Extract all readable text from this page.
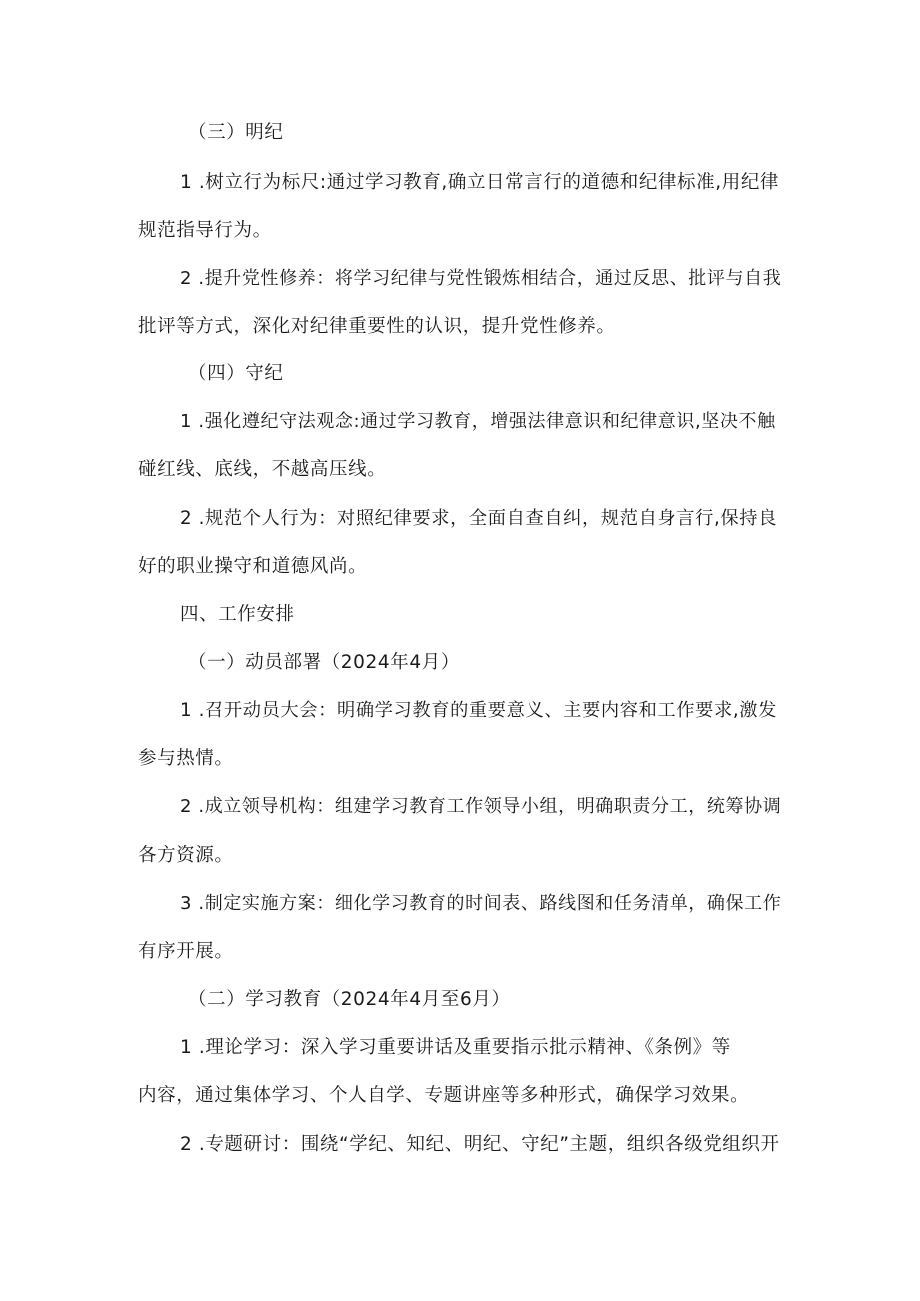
（三）明纪
1 .树立行为标尺:通过学习教育,确立日常言行的道德和纪律标准,用纪律
规范指导行为。
2 .提升党性修养：将学习纪律与党性锻炼相结合，通过反思、批评与自我
批评等方式，深化对纪律重要性的认识，提升党性修养。
（四）守纪
1 .强化遵纪守法观念:通过学习教育，增强法律意识和纪律意识,坚决不触
碰红线、底线，不越高压线。
2 .规范个人行为：对照纪律要求，全面自查自纠，规范自身言行,保持良
好的职业操守和道德风尚。
四、工作安排
（一）动员部署（2024年4月）
1 .召开动员大会：明确学习教育的重要意义、主要内容和工作要求,激发
参与热情。
2 .成立领导机构：组建学习教育工作领导小组，明确职责分工，统筹协调
各方资源。
3 .制定实施方案：细化学习教育的时间表、路线图和任务清单，确保工作
有序开展。
（二）学习教育（2024年4月至6月）
1 .理论学习：深入学习重要讲话及重要指示批示精神、《条例》等
内容，通过集体学习、个人自学、专题讲座等多种形式，确保学习效果。
2 .专题研讨：围绕“学纪、知纪、明纪、守纪”主题，组织各级党组织开
